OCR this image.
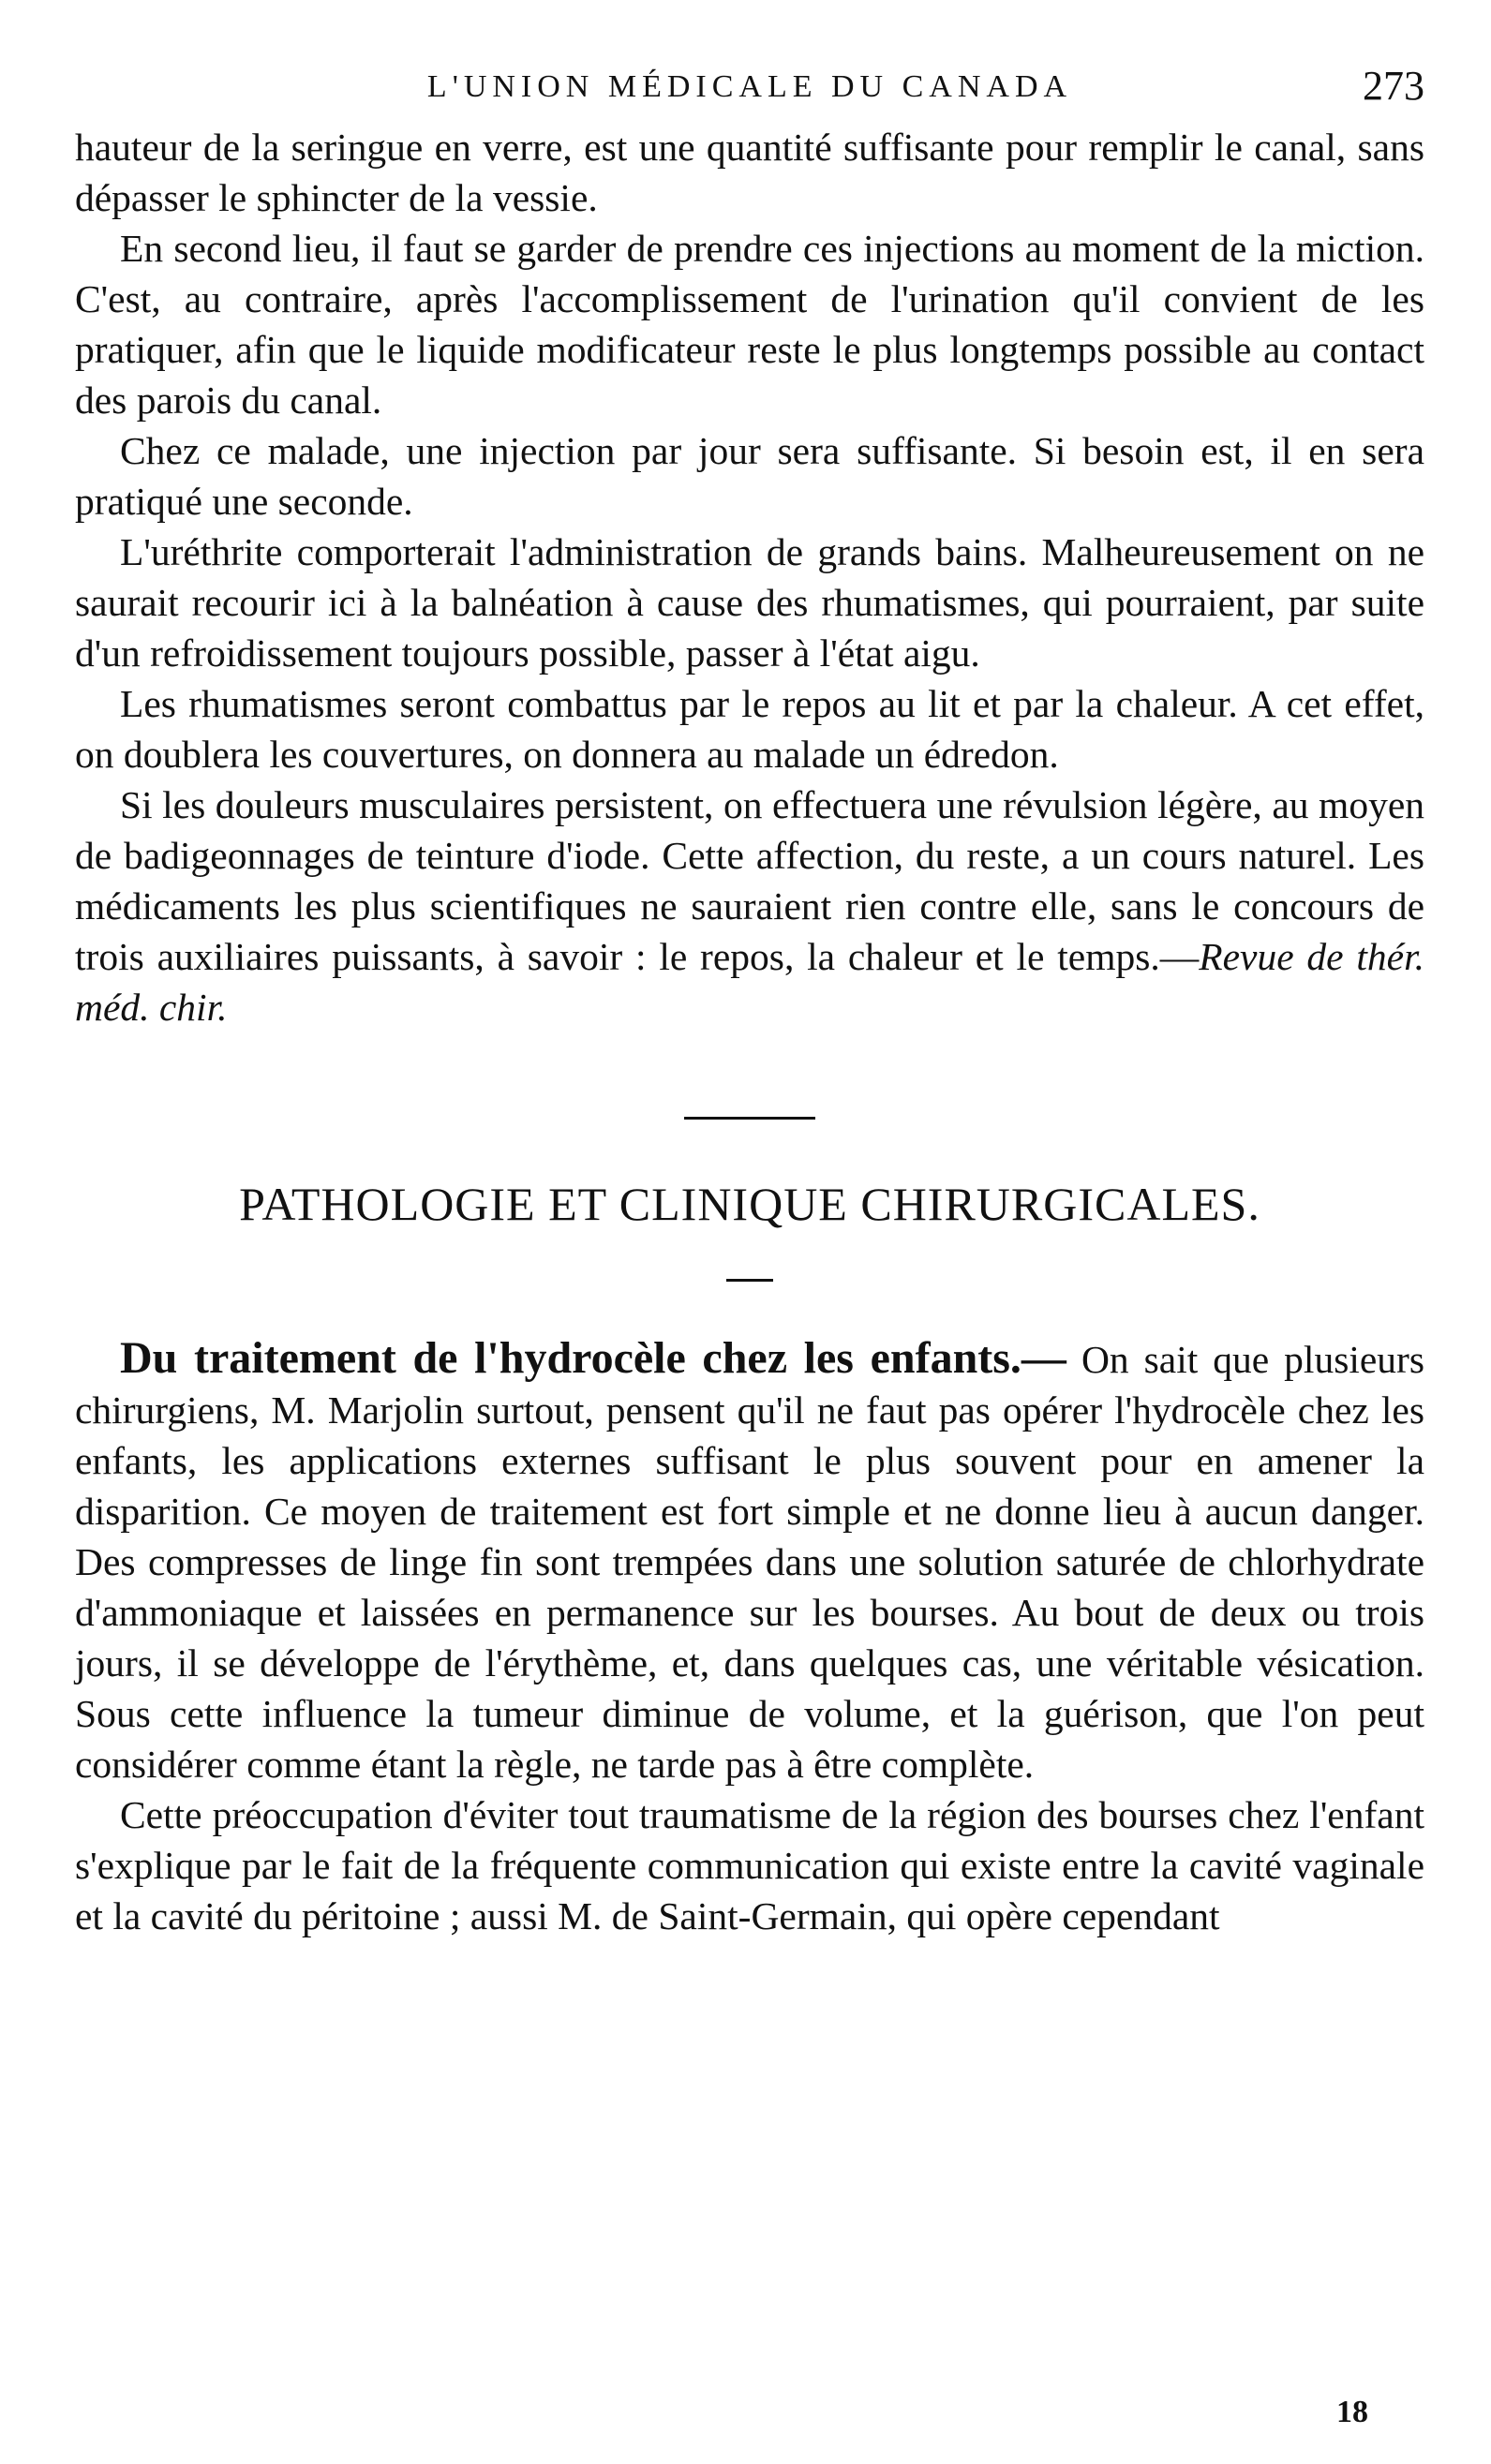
L'UNION MÉDICALE DU CANADA	273

hauteur de la seringue en verre, est une quantité suffisante pour remplir le canal, sans dépasser le sphincter de la vessie.

En second lieu, il faut se garder de prendre ces injections au moment de la miction. C'est, au contraire, après l'accomplissement de l'urination qu'il convient de les pratiquer, afin que le liquide modificateur reste le plus longtemps possible au contact des parois du canal.

Chez ce malade, une injection par jour sera suffisante. Si besoin est, il en sera pratiqué une seconde.

L'uréthrite comporterait l'administration de grands bains. Malheureusement on ne saurait recourir ici à la balnéation à cause des rhumatismes, qui pourraient, par suite d'un refroidissement toujours possible, passer à l'état aigu.

Les rhumatismes seront combattus par le repos au lit et par la chaleur. A cet effet, on doublera les couvertures, on donnera au malade un édredon.

Si les douleurs musculaires persistent, on effectuera une révulsion légère, au moyen de badigeonnages de teinture d'iode. Cette affection, du reste, a un cours naturel. Les médicaments les plus scientifiques ne sauraient rien contre elle, sans le concours de trois auxiliaires puissants, à savoir : le repos, la chaleur et le temps.—Revue de thér. méd. chir.

PATHOLOGIE ET CLINIQUE CHIRURGICALES.

Du traitement de l'hydrocèle chez les enfants.— On sait que plusieurs chirurgiens, M. Marjolin surtout, pensent qu'il ne faut pas opérer l'hydrocèle chez les enfants, les applications externes suffisant le plus souvent pour en amener la disparition. Ce moyen de traitement est fort simple et ne donne lieu à aucun danger. Des compresses de linge fin sont trempées dans une solution saturée de chlorhydrate d'ammoniaque et laissées en permanence sur les bourses. Au bout de deux ou trois jours, il se développe de l'érythème, et, dans quelques cas, une véritable vésication. Sous cette influence la tumeur diminue de volume, et la guérison, que l'on peut considérer comme étant la règle, ne tarde pas à être complète.

Cette préoccupation d'éviter tout traumatisme de la région des bourses chez l'enfant s'explique par le fait de la fréquente communication qui existe entre la cavité vaginale et la cavité du péritoine ; aussi M. de Saint-Germain, qui opère cependant

18
